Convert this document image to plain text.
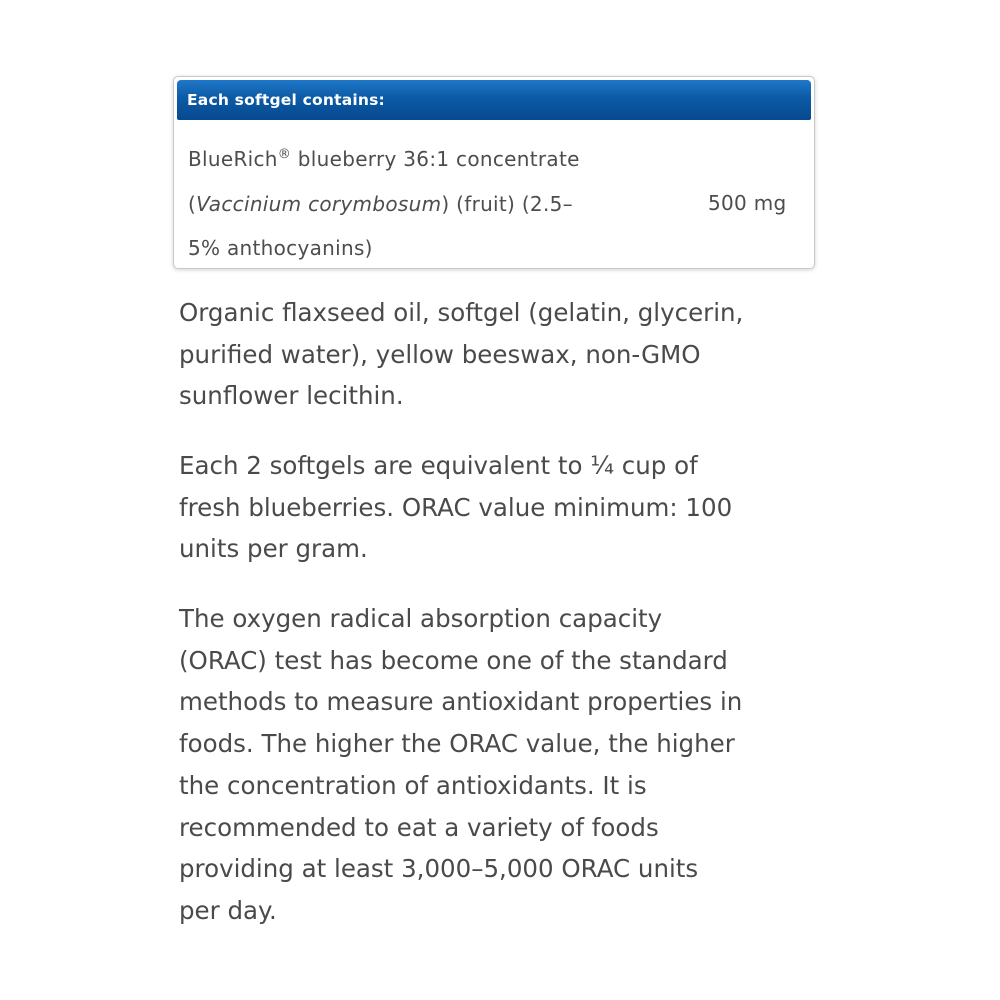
Each softgel contains:
BlueRich® blueberry 36:1 concentrate
(Vaccinium corymbosum) (fruit) (2.5–
5% anthocyanins)
500 mg

Organic flaxseed oil, softgel (gelatin, glycerin,
purified water), yellow beeswax, non-GMO
sunflower lecithin.

Each 2 softgels are equivalent to ¼ cup of
fresh blueberries. ORAC value minimum: 100
units per gram.

The oxygen radical absorption capacity
(ORAC) test has become one of the standard
methods to measure antioxidant properties in
foods. The higher the ORAC value, the higher
the concentration of antioxidants. It is
recommended to eat a variety of foods
providing at least 3,000–5,000 ORAC units
per day.
